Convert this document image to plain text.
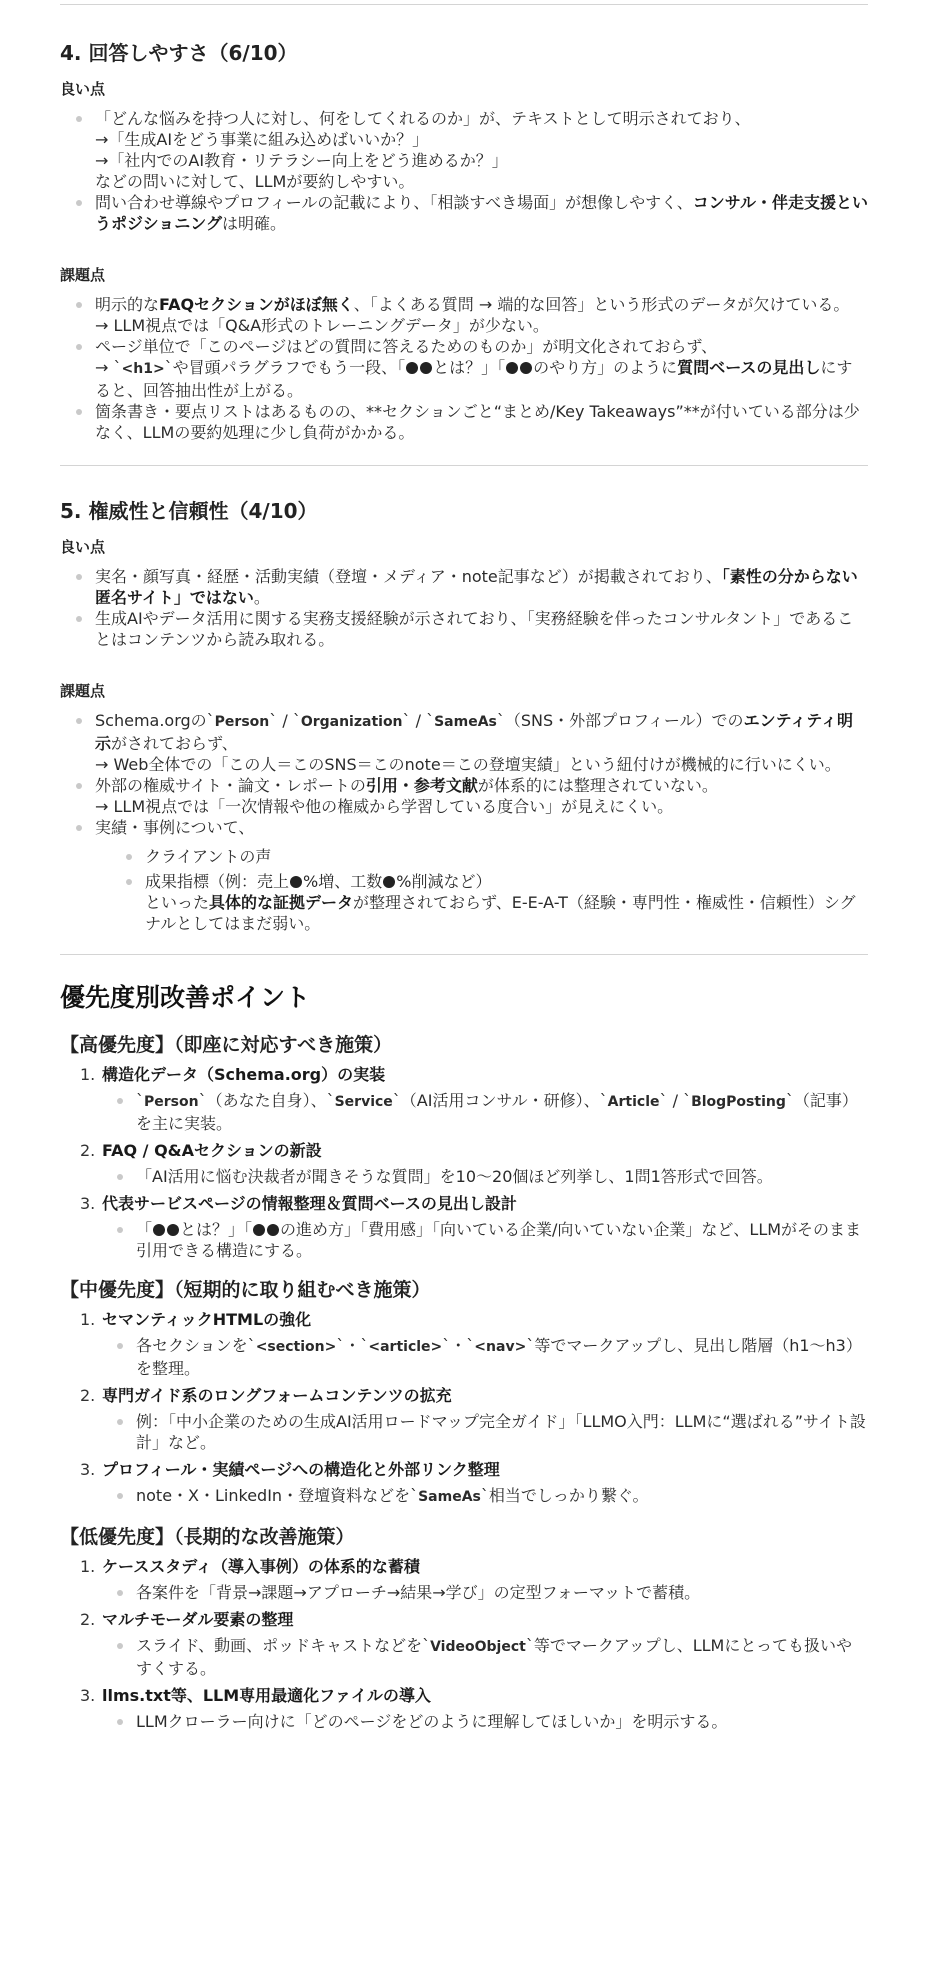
4. 回答しやすさ（6/10）
良い点
「どんな悩みを持つ人に対し、何をしてくれるのか」が、テキストとして明示されており、
→「生成AIをどう事業に組み込めばいいか？」
→「社内でのAI教育・リテラシー向上をどう進めるか？」
などの問いに対して、LLMが要約しやすい。
問い合わせ導線やプロフィールの記載により、「相談すべき場面」が想像しやすく、コンサル・伴走支援というポジショニングは明確。
課題点
明示的なFAQセクションがほぼ無く、「よくある質問 → 端的な回答」という形式のデータが欠けている。
→ LLM視点では「Q&A形式のトレーニングデータ」が少ない。
ページ単位で「このページはどの質問に答えるためのものか」が明文化されておらず、
→ `<h1>`や冒頭パラグラフでもう一段、「 とは？」「 のやり方」のように質問ベースの見出しにすると、回答抽出性が上がる。
箇条書き・要点リストはあるものの、**セクションごと“まとめ/Key Takeaways”**が付いている部分は少なく、LLMの要約処理に少し負荷がかかる。
5. 権威性と信頼性（4/10）
良い点
実名・顔写真・経歴・活動実績（登壇・メディア・note記事など）が掲載されており、「素性の分からない匿名サイト」ではない。
生成AIやデータ活用に関する実務支援経験が示されており、「実務経験を伴ったコンサルタント」であることはコンテンツから読み取れる。
課題点
Schema.orgの`Person` / `Organization` / `SameAs`（SNS・外部プロフィール）でのエンティティ明示がされておらず、
→ Web全体での「この人＝このSNS＝このnote＝この登壇実績」という紐付けが機械的に行いにくい。
外部の権威サイト・論文・レポートの引用・参考文献が体系的には整理されていない。
→ LLM視点では「一次情報や他の権威から学習している度合い」が見えにくい。
実績・事例について、
クライアントの声
成果指標（例：売上 %増、工数 %削減など）
といった具体的な証拠データが整理されておらず、E-E-A-T（経験・専門性・権威性・信頼性）シグナルとしてはまだ弱い。
優先度別改善ポイント
【高優先度】（即座に対応すべき施策）
1. 構造化データ（Schema.org）の実装
`Person`（あなた自身）、`Service`（AI活用コンサル・研修）、`Article` / `BlogPosting`（記事）を主に実装。
2. FAQ / Q&Aセクションの新設
「AI活用に悩む決裁者が聞きそうな質問」を10〜20個ほど列挙し、1問1答形式で回答。
3. 代表サービスページの情報整理＆質問ベースの見出し設計
「 とは？」「 の進め方」「費用感」「向いている企業/向いていない企業」など、LLMがそのまま引用できる構造にする。
【中優先度】（短期的に取り組むべき施策）
1. セマンティックHTMLの強化
各セクションを`<section>`・`<article>`・`<nav>`等でマークアップし、見出し階層（h1〜h3）を整理。
2. 専門ガイド系のロングフォームコンテンツの拡充
例：「中小企業のための生成AI活用ロードマップ完全ガイド」「LLMO入門：LLMに“選ばれる”サイト設計」など。
3. プロフィール・実績ページへの構造化と外部リンク整理
note・X・LinkedIn・登壇資料などを`SameAs`相当でしっかり繋ぐ。
【低優先度】（長期的な改善施策）
1. ケーススタディ（導入事例）の体系的な蓄積
各案件を「背景→課題→アプローチ→結果→学び」の定型フォーマットで蓄積。
2. マルチモーダル要素の整理
スライド、動画、ポッドキャストなどを`VideoObject`等でマークアップし、LLMにとっても扱いやすくする。
3. llms.txt等、LLM専用最適化ファイルの導入
LLMクローラー向けに「どのページをどのように理解してほしいか」を明示する。
